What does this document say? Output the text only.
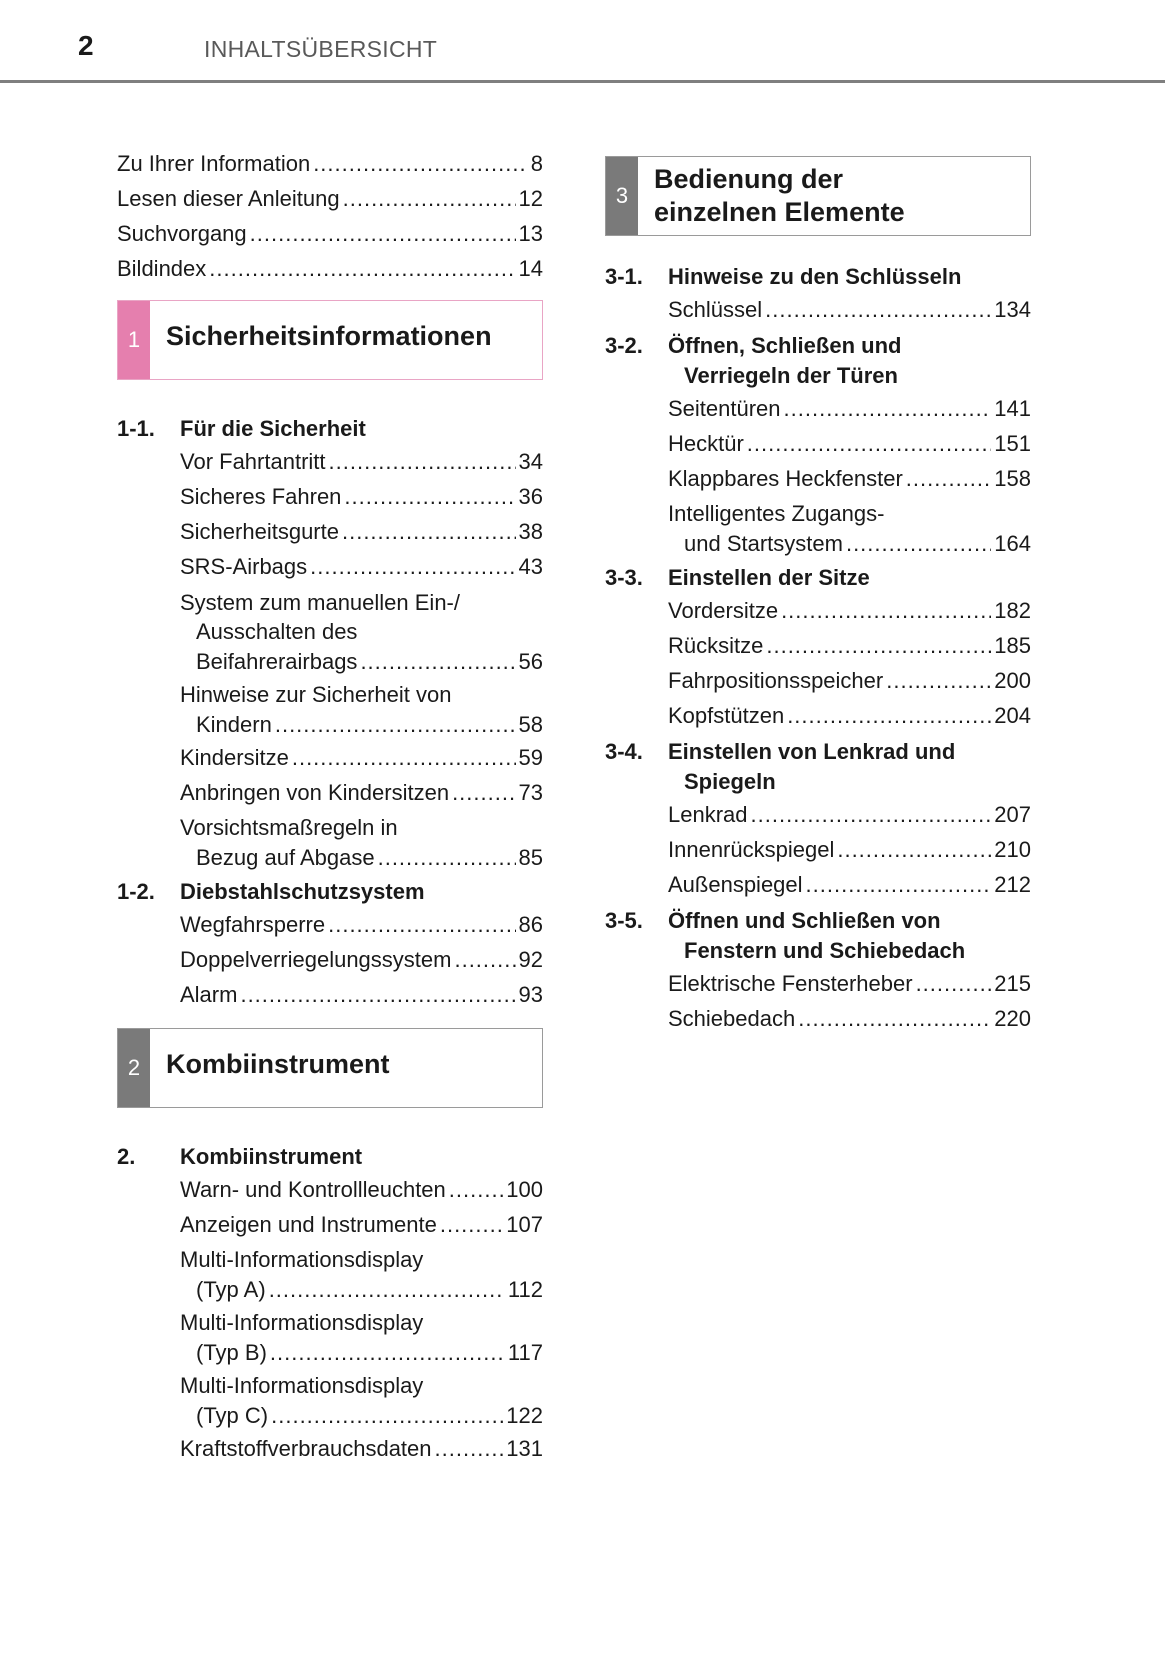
2	INHALTSÜBERSICHT
Zu Ihrer Information .....	8
Lesen dieser Anleitung .....	12
Suchvorgang .....	13
Bildindex .....	14
1 Sicherheitsinformationen
1-1.	Für die Sicherheit
Vor Fahrtantritt .....	34
Sicheres Fahren .....	36
Sicherheitsgurte .....	38
SRS-Airbags .....	43
System zum manuellen Ein-/
Ausschalten des
Beifahrerairbags .....	56
Hinweise zur Sicherheit von
Kindern .....	58
Kindersitze .....	59
Anbringen von Kindersitzen .....	73
Vorsichtsmaßregeln in
Bezug auf Abgase .....	85
1-2.	Diebstahlschutzsystem
Wegfahrsperre .....	86
Doppelverriegelungssystem .....	92
Alarm .....	93
2 Kombiinstrument
2.	Kombiinstrument
Warn- und Kontrollleuchten .....	100
Anzeigen und Instrumente .....	107
Multi-Informationsdisplay
(Typ A) .....	112
Multi-Informationsdisplay
(Typ B) .....	117
Multi-Informationsdisplay
(Typ C) .....	122
Kraftstoffverbrauchsdaten .....	131
3
Bedienung der
einzelnen Elemente
3-1.	Hinweise zu den Schlüsseln
Schlüssel .....	134
3-2.	Öffnen, Schließen und
Verriegeln der Türen
Seitentüren .....	141
Hecktür .....	151
Klappbares Heckfenster .....	158
Intelligentes Zugangs-
und Startsystem .....	164
3-3.	Einstellen der Sitze
Vordersitze .....	182
Rücksitze .....	185
Fahrpositionsspeicher .....	200
Kopfstützen .....	204
3-4.	Einstellen von Lenkrad und
Spiegeln
Lenkrad .....	207
Innenrückspiegel .....	210
Außenspiegel .....	212
3-5.	Öffnen und Schließen von
Fenstern und Schiebedach
Elektrische Fensterheber .....	215
Schiebedach .....	220
